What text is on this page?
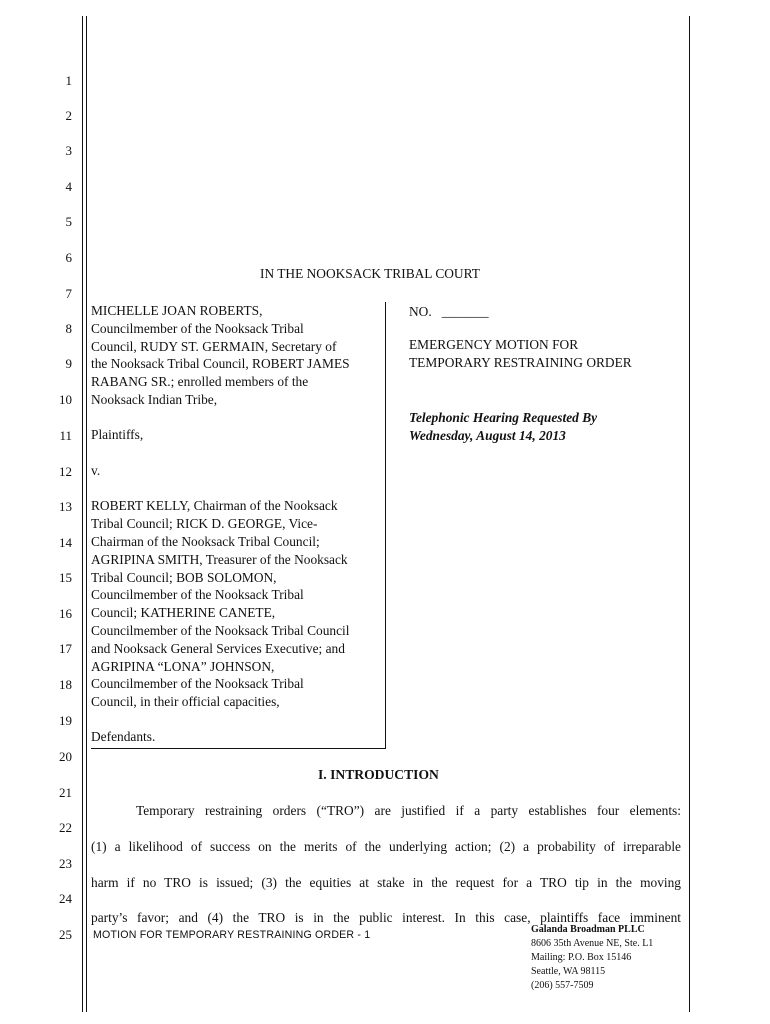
1
2
3
4
5
6
7
8
9
10
11
12
13
14
15
16
17
18
19
20
21
22
23
24
25
IN THE NOOKSACK TRIBAL COURT

MICHELLE JOAN ROBERTS,

Councilmember of the Nooksack Tribal

Council, RUDY ST. GERMAIN, Secretary of

the Nooksack Tribal Council, ROBERT JAMES

RABANG SR.; enrolled members of the

Nooksack Indian Tribe,

Plaintiffs,

v.

ROBERT KELLY, Chairman of the Nooksack

Tribal Council; RICK D. GEORGE, Vice-

Chairman of the Nooksack Tribal Council;

AGRIPINA SMITH, Treasurer of the Nooksack

Tribal Council; BOB SOLOMON,

Councilmember of the Nooksack Tribal

Council; KATHERINE CANETE,

Councilmember of the Nooksack Tribal Council

and Nooksack General Services Executive; and

AGRIPINA “LONA” JOHNSON,

Councilmember of the Nooksack Tribal

Council, in their official capacities,

Defendants.

NO.   _______
EMERGENCY MOTION FOR
TEMPORARY RESTRAINING ORDER
Telephonic Hearing Requested By
Wednesday, August 14, 2013
I. INTRODUCTION
Temporary restraining orders (“TRO”) are justified if a party establishes four elements:
(1) a likelihood of success on the merits of the underlying action; (2) a probability of irreparable
harm if no TRO is issued; (3) the equities at stake in the request for a TRO tip in the moving
party’s favor; and (4) the TRO is in the public interest. In this case, plaintiffs face imminent
MOTION FOR TEMPORARY RESTRAINING ORDER - 1	Galanda Broadman PLLC
8606 35th Avenue NE, Ste. L1
Mailing: P.O. Box 15146
Seattle, WA 98115
(206) 557-7509
